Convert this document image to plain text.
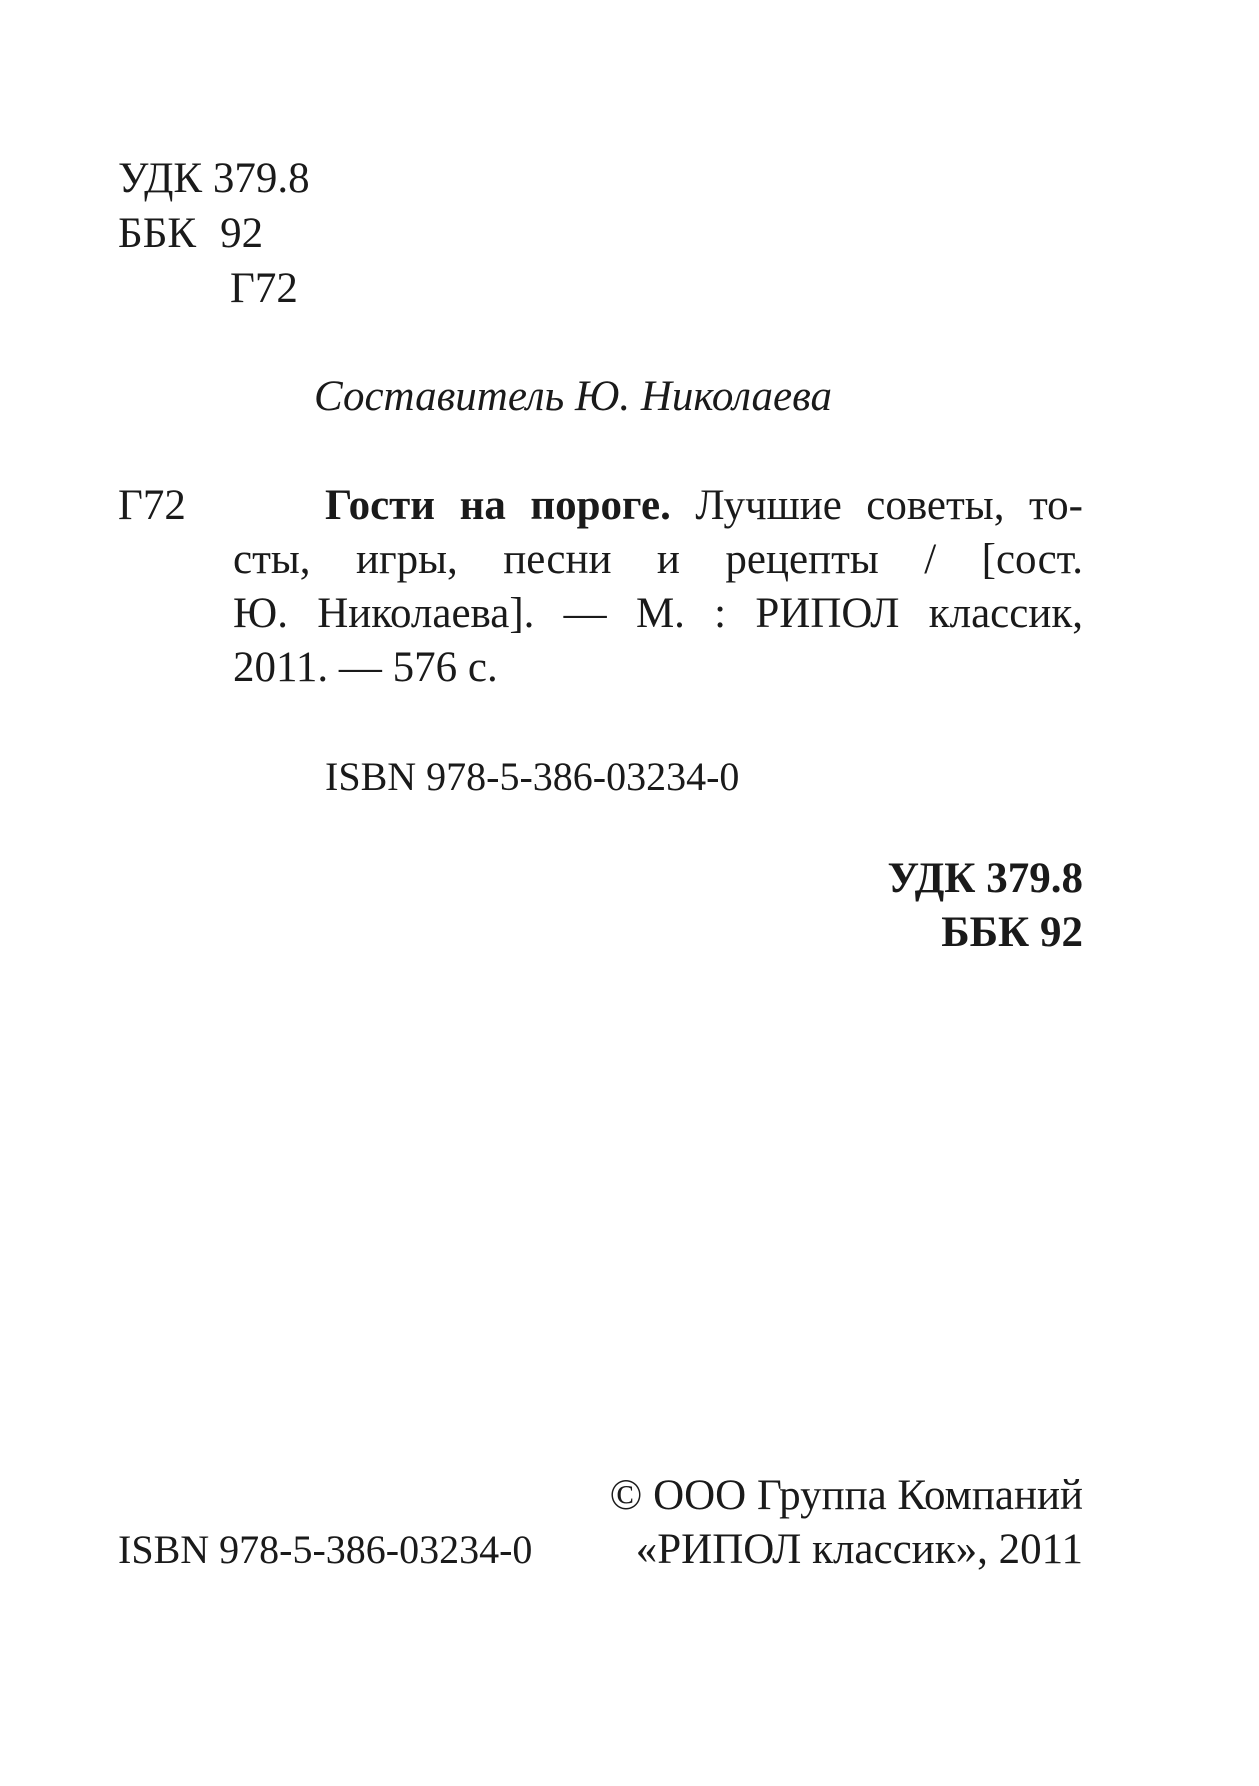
УДК 379.8
ББК 92
Г72
Составитель Ю. Николаева
Г72	Гости на пороге. Лучшие советы, то-
сты, игры, песни и рецепты / [сост.
Ю. Николаева]. — М. : РИПОЛ классик,
2011. — 576 с.
ISBN 978-5-386-03234-0
УДК 379.8
ББК 92
© ООО Группа Компаний
«РИПОЛ классик», 2011
ISBN 978-5-386-03234-0
